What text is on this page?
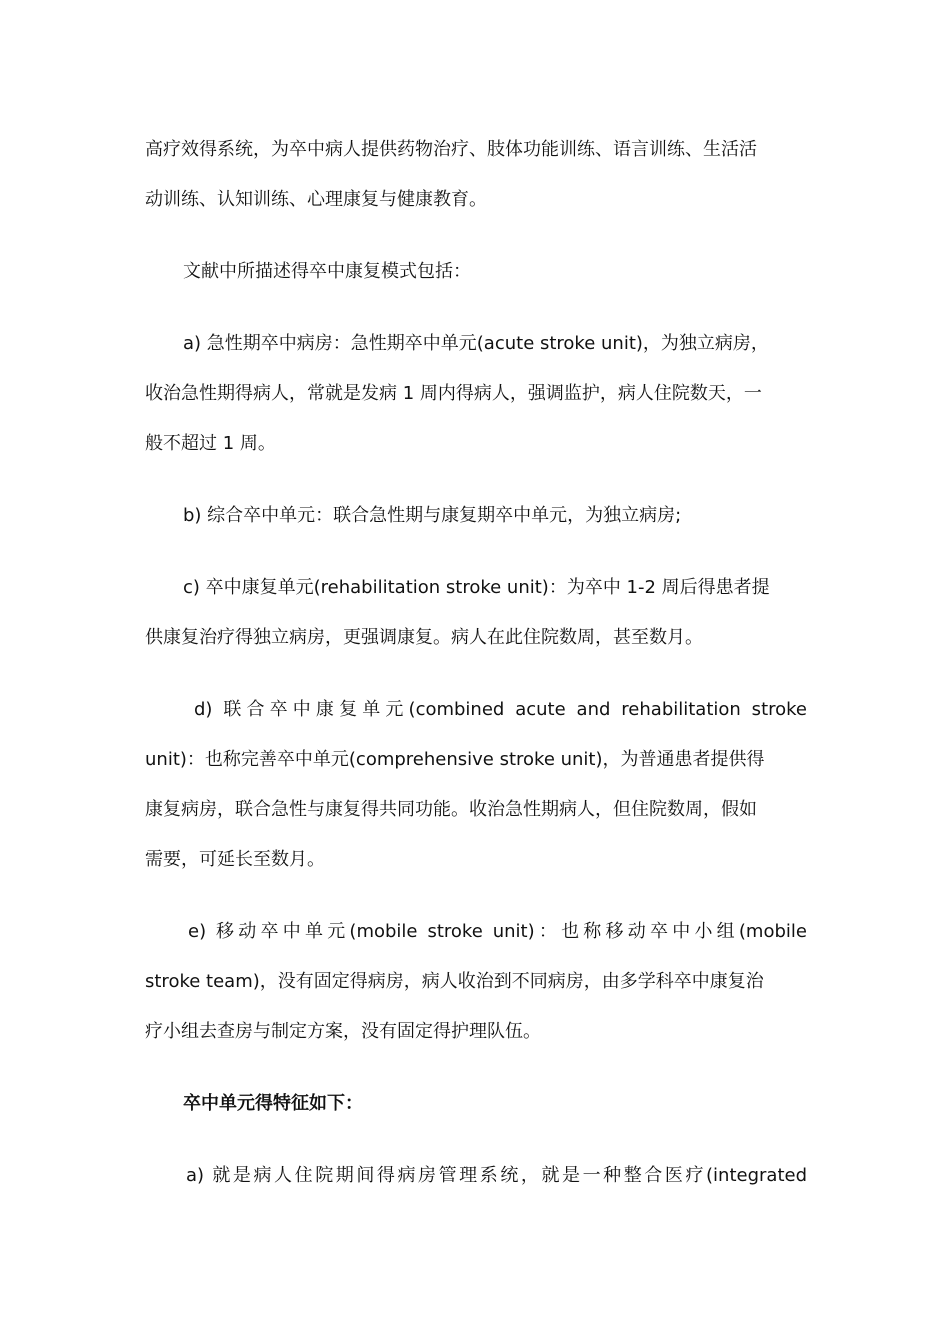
高疗效得系统，为卒中病人提供药物治疗、肢体功能训练、语言训练、生活活
动训练、认知训练、心理康复与健康教育。
文献中所描述得卒中康复模式包括：
a) 急性期卒中病房：急性期卒中单元(acute stroke unit)，为独立病房，
收治急性期得病人，常就是发病 1 周内得病人，强调监护，病人住院数天，一
般不超过 1 周。
b) 综合卒中单元：联合急性期与康复期卒中单元，为独立病房;
c) 卒中康复单元(rehabilitation stroke unit)：为卒中 1-2 周后得患者提
供康复治疗得独立病房，更强调康复。病人在此住院数周，甚至数月。
d) 联合卒中康复单元(combined acute and rehabilitation stroke
unit)：也称完善卒中单元(comprehensive stroke unit)，为普通患者提供得
康复病房，联合急性与康复得共同功能。收治急性期病人，但住院数周，假如
需要，可延长至数月。
e) 移动卒中单元(mobile stroke unit)：也称移动卒中小组(mobile
stroke team)，没有固定得病房，病人收治到不同病房，由多学科卒中康复治
疗小组去查房与制定方案，没有固定得护理队伍。
卒中单元得特征如下：
a) 就是病人住院期间得病房管理系统，就是一种整合医疗(integrated
